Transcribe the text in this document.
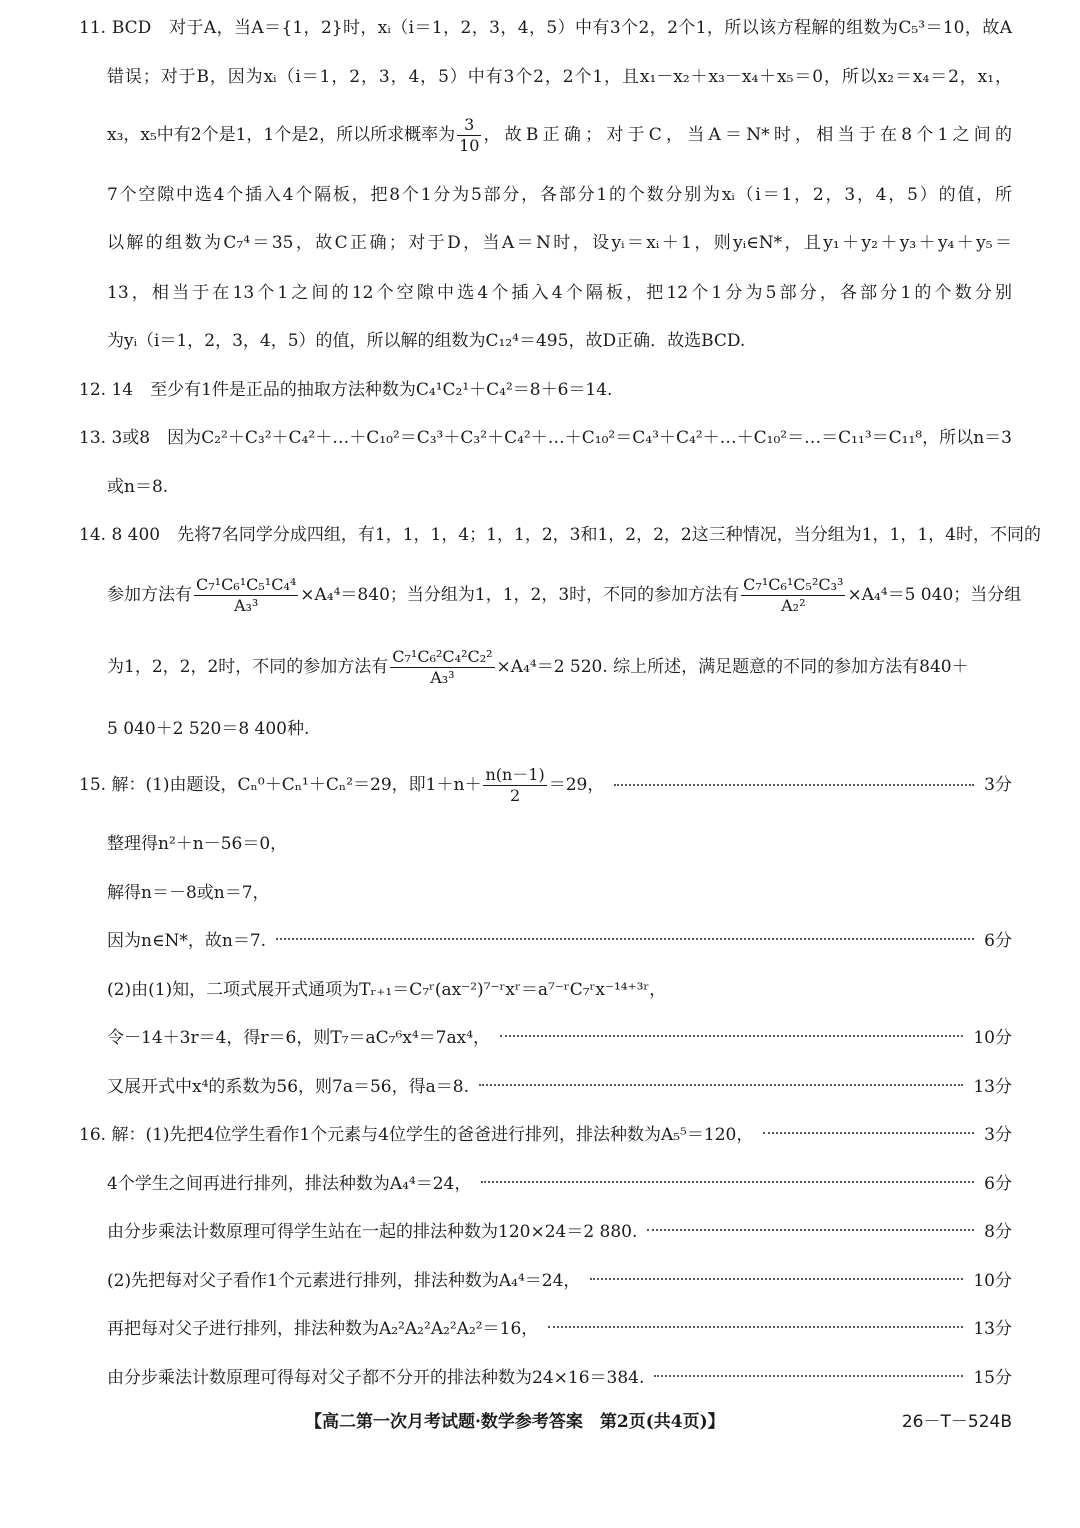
11. BCD　对于A，当A＝{1，2}时，xᵢ（i＝1，2，3，4，5）中有3个2，2个1，所以该方程解的组数为C₅³＝10，故A
错误；对于B，因为xᵢ（i＝1，2，3，4，5）中有3个2，2个1，且x₁－x₂＋x₃－x₄＋x₅＝0，所以x₂＝x₄＝2，x₁，
x₃，x₅中有2个是1，1个是2，所以所求概率为 $\frac{3}{10}$ ，故B正确；对于C，当A＝N*时，相当于在8个1之间的
7个空隙中选4个插入4个隔板，把8个1分为5部分，各部分1的个数分别为xᵢ（i＝1，2，3，4，5）的值，所
以解的组数为C₇⁴＝35，故C正确；对于D，当A＝N时，设yᵢ＝xᵢ＋1，则yᵢ∈N*，且y₁＋y₂＋y₃＋y₄＋y₅＝
13，相当于在13个1之间的12个空隙中选4个插入4个隔板，把12个1分为5部分，各部分1的个数分别
为yᵢ（i＝1，2，3，4，5）的值，所以解的组数为C₁₂⁴＝495，故D正确．故选BCD.
12. 14　至少有1件是正品的抽取方法种数为C₄¹C₂¹＋C₄²＝8＋6＝14.
13. 3或8　因为C₂²＋C₃²＋C₄²＋…＋C₁₀²＝C₃³＋C₃²＋C₄²＋…＋C₁₀²＝C₄³＋C₄²＋…＋C₁₀²＝…＝C₁₁³＝C₁₁⁸，所以n＝3
或n＝8.
14. 8 400　先将7名同学分成四组，有1，1，1，4；1，1，2，3和1，2，2，2这三种情况，当分组为1，1，1，4时，不同的
参加方法有 $\frac{\text{C₇¹C₆¹C₅¹C₄⁴}}{\text{A₃³}} \times A_4^4=840$；当分组为1，1，2，3时，不同的参加方法有 $\frac{\text{C₇¹C₆¹C₅²C₃³}}{\text{A₂²}} \times A_4^4=5$ 040；当分组
为1，2，2，2时，不同的参加方法有 $\frac{\text{C₇¹C₆²C₄²C₂²}}{\text{A₃³}} \times A_4^4=2$ 520. 综上所述，满足题意的不同的参加方法有840＋
5 040＋2 520＝8 400种.
15. 解：(1)由题设，Cₙ⁰＋Cₙ¹＋Cₙ²＝29，即$1+n+ \frac{n(n-1)}{2} =29$，	3分
整理得n²＋n－56＝0，
解得n＝－8或n＝7，
因为n∈N*，故n＝7.	6分
(2)由(1)知，二项式展开式通项为Tᵣ₊₁＝C₇ʳ(ax⁻²)⁷⁻ʳxʳ＝a⁷⁻ʳC₇ʳx⁻¹⁴⁺³ʳ，
令－14＋3r＝4，得r＝6，则T₇＝aC₇⁶x⁴＝7ax⁴，	10分
又展开式中x⁴的系数为56，则7a＝56，得a＝8.	13分
16. 解：(1)先把4位学生看作1个元素与4位学生的爸爸进行排列，排法种数为A₅⁵＝120，	3分
4个学生之间再进行排列，排法种数为A₄⁴＝24，	6分
由分步乘法计数原理可得学生站在一起的排法种数为120×24＝2 880.	8分
(2)先把每对父子看作1个元素进行排列，排法种数为A₄⁴＝24，	10分
再把每对父子进行排列，排法种数为A₂²A₂²A₂²A₂²＝16，	13分
由分步乘法计数原理可得每对父子都不分开的排法种数为24×16＝384.	15分
【高二第一次月考试题·数学参考答案　第2页(共4页)】	26－T－524B
